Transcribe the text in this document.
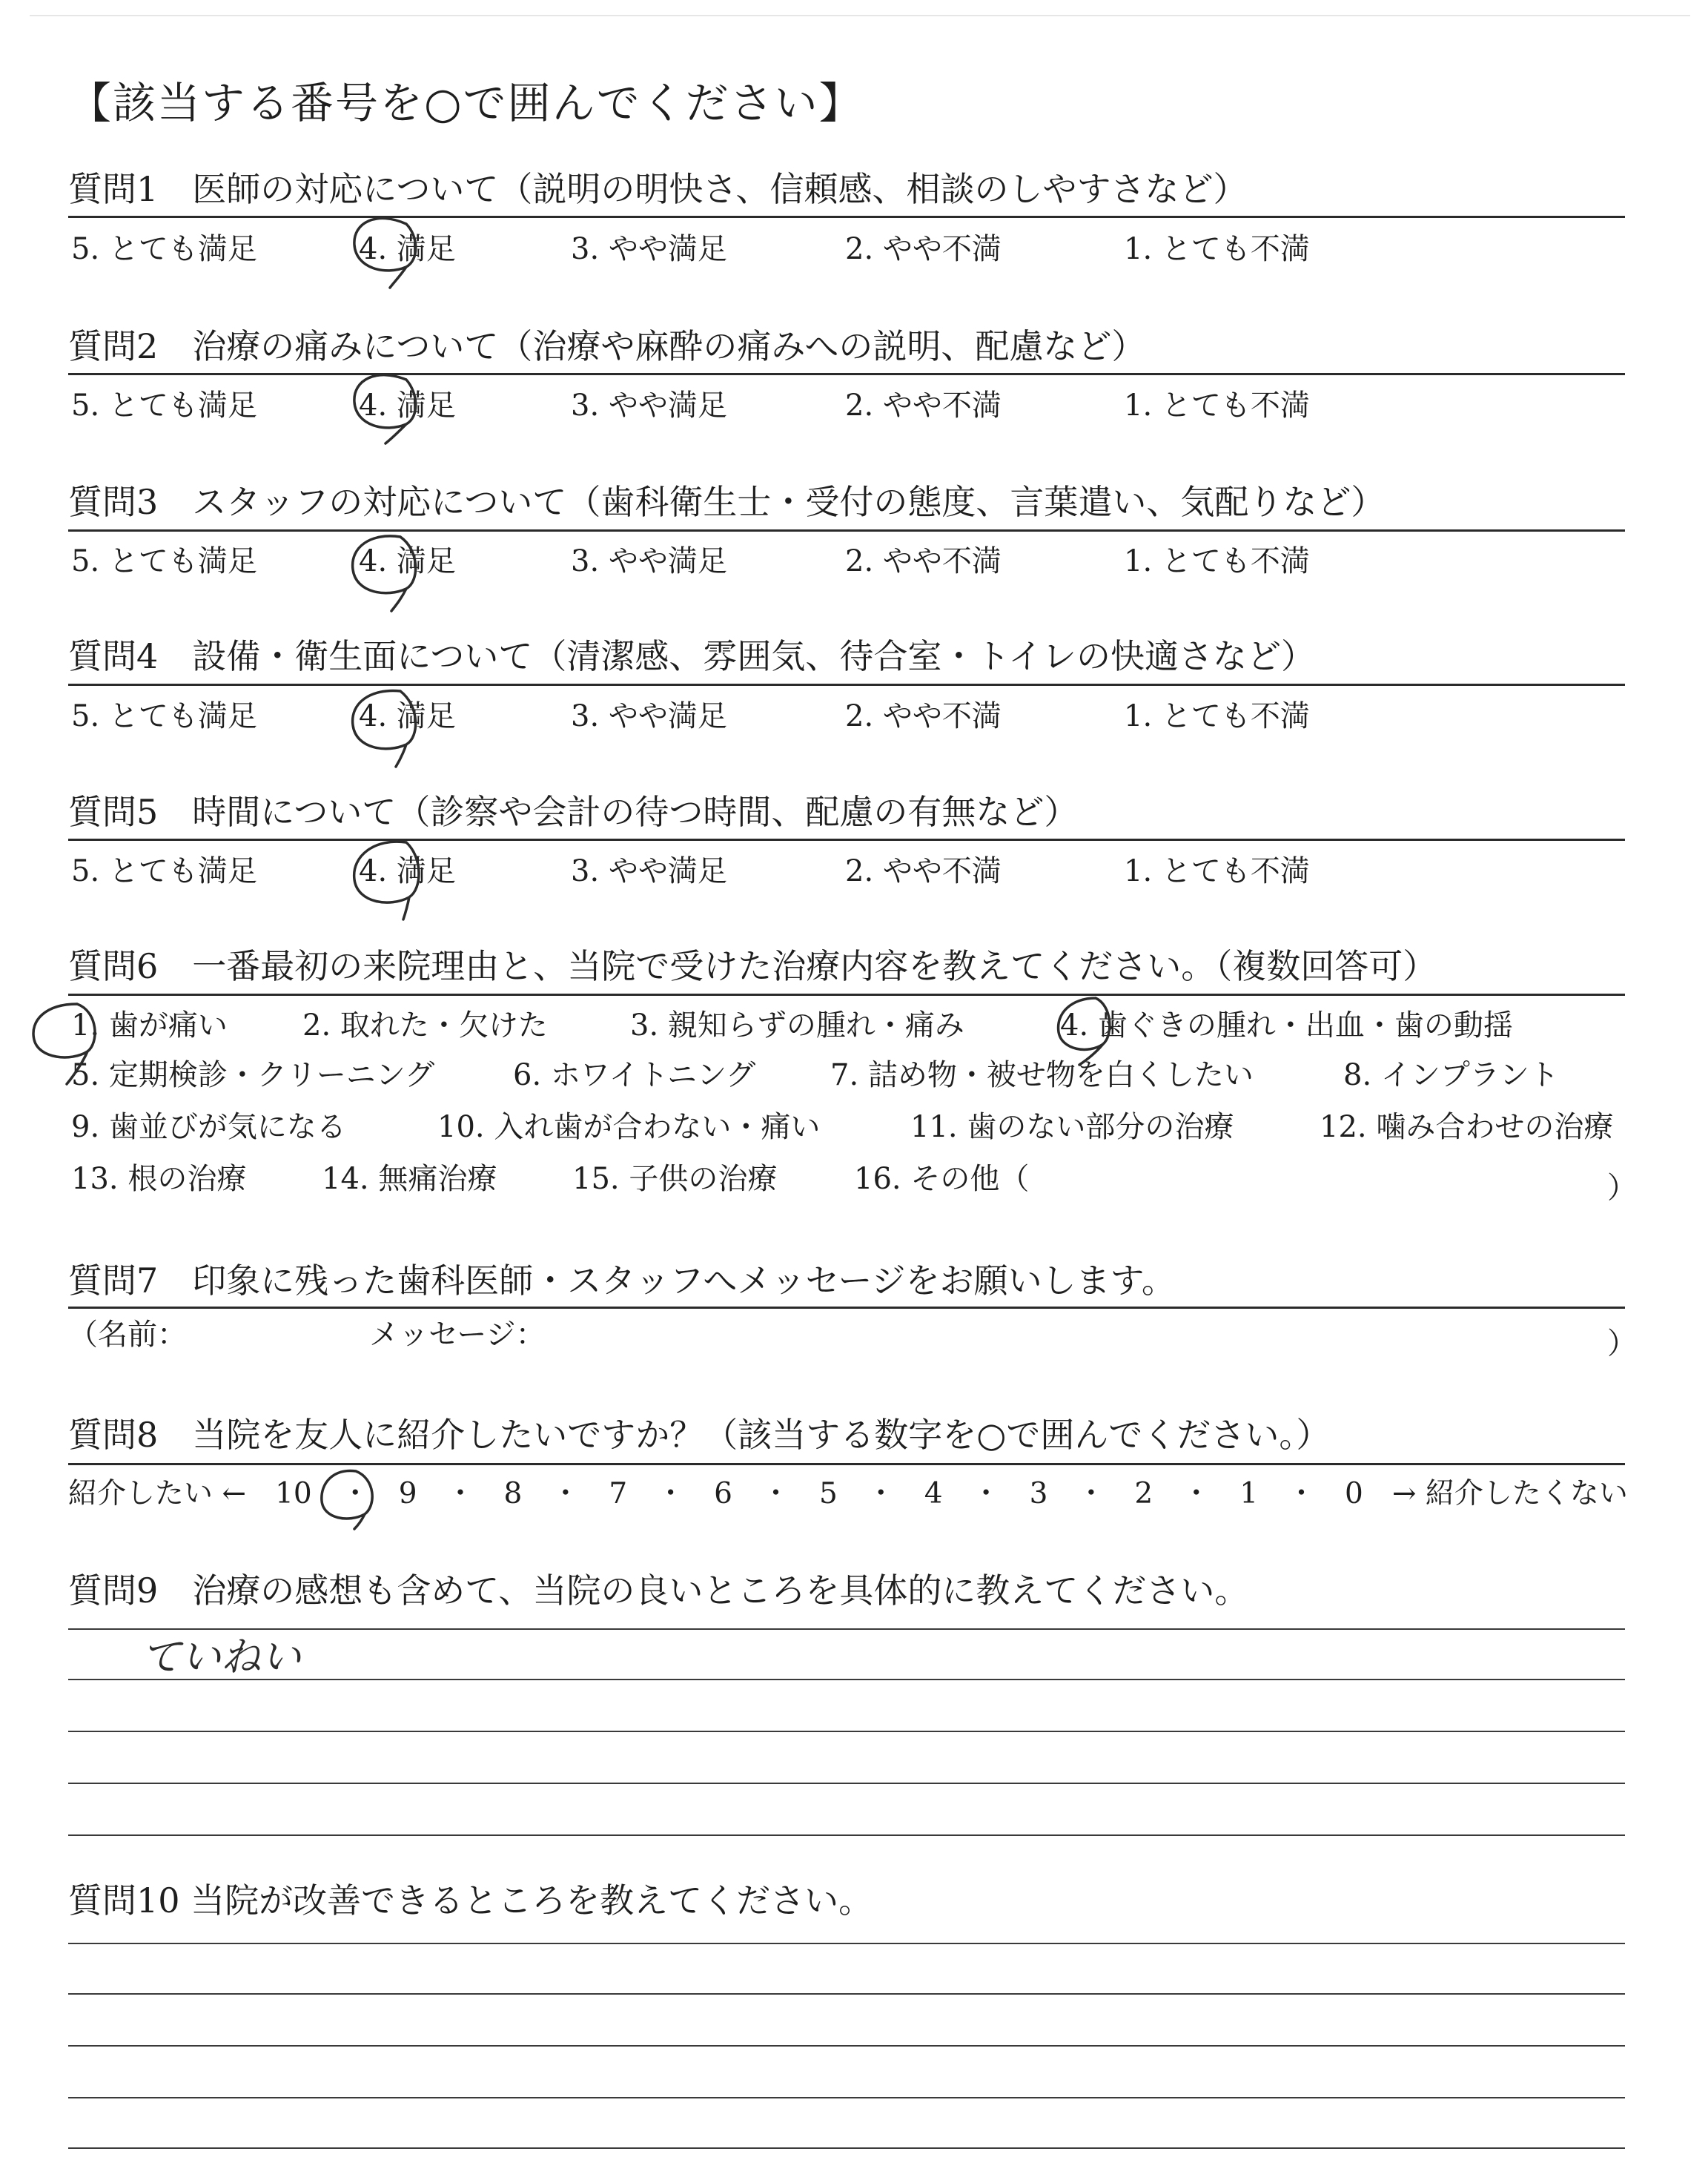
【該当する番号を○で囲んでください】
質問1　医師の対応について（説明の明快さ、信頼感、相談のしやすさなど）
5. とても満足	4. 満足	3. やや満足	2. やや不満	1. とても不満
質問2　治療の痛みについて（治療や麻酔の痛みへの説明、配慮など）
5. とても満足	4. 満足	3. やや満足	2. やや不満	1. とても不満
質問3　スタッフの対応について（歯科衛生士・受付の態度、言葉遣い、気配りなど）
5. とても満足	4. 満足	3. やや満足	2. やや不満	1. とても不満
質問4　設備・衛生面について（清潔感、雰囲気、待合室・トイレの快適さなど）
5. とても満足	4. 満足	3. やや満足	2. やや不満	1. とても不満
質問5　時間について（診察や会計の待つ時間、配慮の有無など）
5. とても満足	4. 満足	3. やや満足	2. やや不満	1. とても不満
質問6　一番最初の来院理由と、当院で受けた治療内容を教えてください。（複数回答可）
1. 歯が痛い	2. 取れた・欠けた	3. 親知らずの腫れ・痛み	4. 歯ぐきの腫れ・出血・歯の動揺
5. 定期検診・クリーニング	6. ホワイトニング	7. 詰め物・被せ物を白くしたい	8. インプラント
9. 歯並びが気になる	10. 入れ歯が合わない・痛い	11. 歯のない部分の治療	12. 噛み合わせの治療
13. 根の治療	14. 無痛治療	15. 子供の治療	16. その他（	）
質問7　印象に残った歯科医師・スタッフへメッセージをお願いします。
（名前：	メッセージ：	）
質問8　当院を友人に紹介したいですか？（該当する数字を○で囲んでください。）
紹介したい ←　10　・　9　・　8　・　7　・　6　・　5　・　4　・　3　・　2　・　1　・　0　→ 紹介したくない
質問9　治療の感想も含めて、当院の良いところを具体的に教えてください。
ていねい
質問10 当院が改善できるところを教えてください。
